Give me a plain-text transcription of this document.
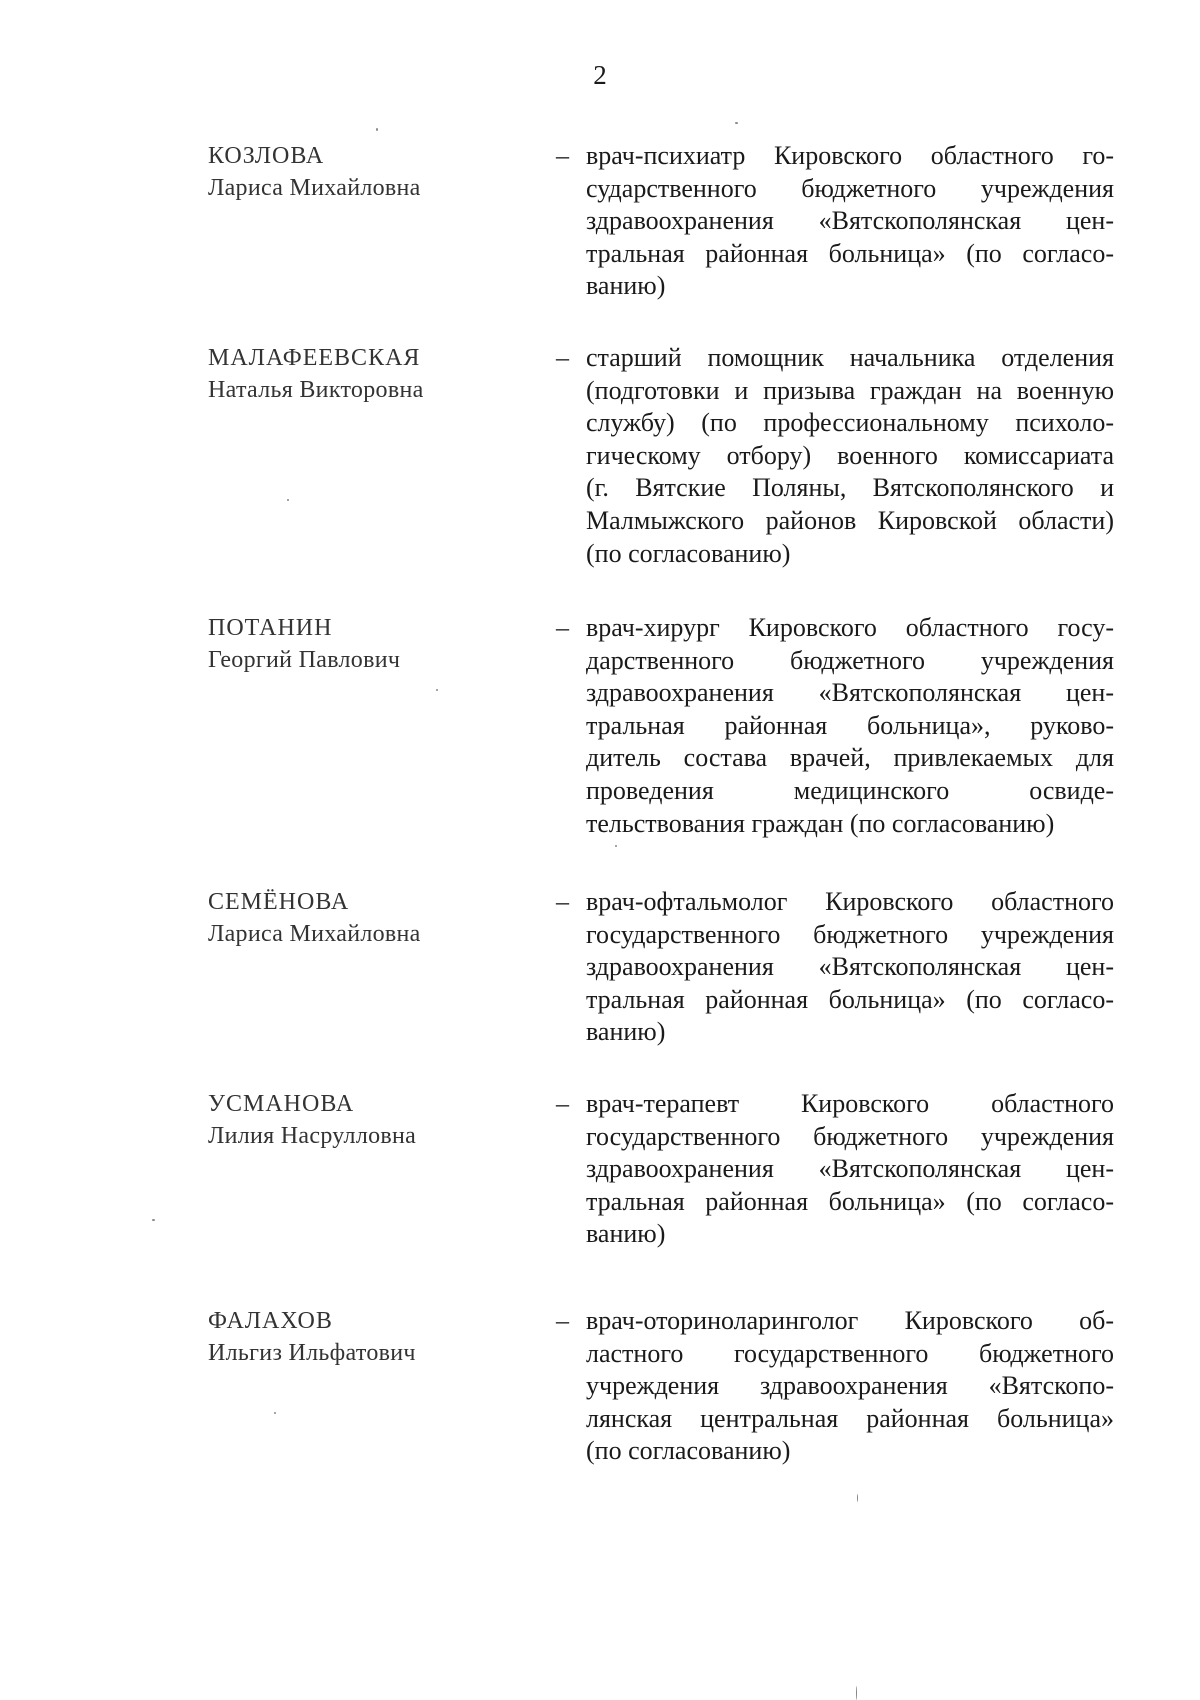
2
КОЗЛОВА
Лариса Михайловна
– врач-психиатр Кировского областного го-
сударственного бюджетного учреждения
здравоохранения «Вятскополянская цен-
тральная районная больница» (по согласо-
ванию)
МАЛАФЕЕВСКАЯ
Наталья Викторовна
– старший помощник начальника отделения
(подготовки и призыва граждан на военную
службу) (по профессиональному психоло-
гическому отбору) военного комиссариата
(г. Вятские Поляны, Вятскополянского и
Малмыжского районов Кировской области)
(по согласованию)
ПОТАНИН
Георгий Павлович
– врач-хирург Кировского областного госу-
дарственного бюджетного учреждения
здравоохранения «Вятскополянская цен-
тральная районная больница», руково-
дитель состава врачей, привлекаемых для
проведения медицинского освиде-
тельствования граждан (по согласованию)
СЕМЁНОВА
Лариса Михайловна
– врач-офтальмолог Кировского областного
государственного бюджетного учреждения
здравоохранения «Вятскополянская цен-
тральная районная больница» (по согласо-
ванию)
УСМАНОВА
Лилия Насрулловна
– врач-терапевт Кировского областного
государственного бюджетного учреждения
здравоохранения «Вятскополянская цен-
тральная районная больница» (по согласо-
ванию)
ФАЛАХОВ
Ильгиз Ильфатович
– врач-оториноларинголог Кировского об-
ластного государственного бюджетного
учреждения здравоохранения «Вятскопо-
лянская центральная районная больница»
(по согласованию)
